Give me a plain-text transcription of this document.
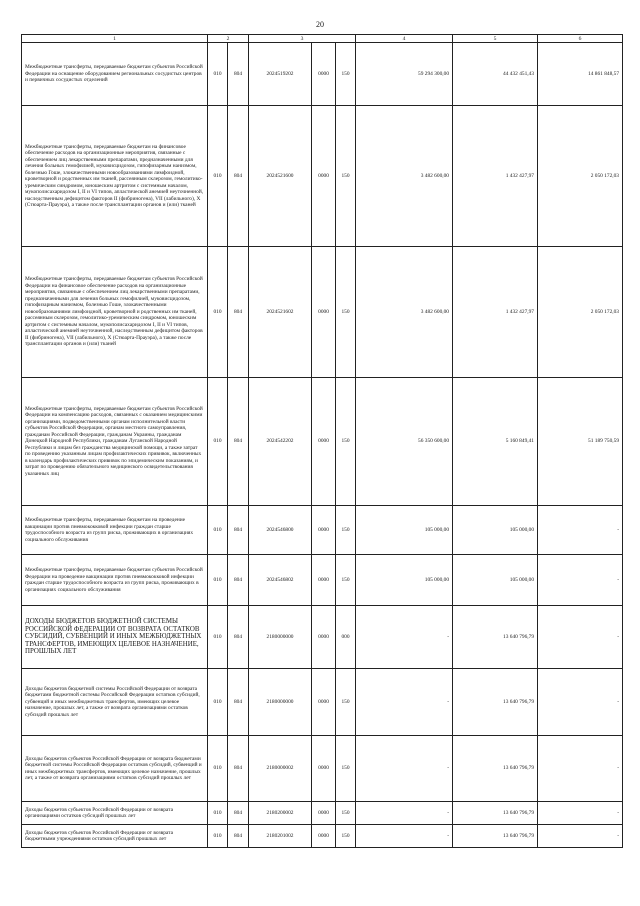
20
1	2		3			4	5	6
Межбюджетные трансферты, передаваемые бюджетам субъектов Российской Федерации на оснащение оборудованием региональных сосудистых центров и первичных сосудистых отделений	010	804	2024519202	0000	150	59 294 300,00	44 432 451,43	14 861 848,57
Межбюджетные трансферты, передаваемые бюджетам на финансовое обеспечение расходов на организационные мероприятия, связанные с обеспечением лиц лекарственными препаратами, предназначенными для лечения больных гемофилией, муковисцидозом, гипофизарным нанизмом, болезнью Гоше, злокачественными новообразованиями лимфоидной, кроветворной и родственных им тканей, рассеянным склерозом, гемолитико-уремическим синдромом, юношеским артритом с системным началом, мукополисахаридозом I, II и VI типов, апластической анемией неуточненной, наследственным дефицитом факторов II (фибриногена), VII (лабильного), X (Стюарта-Прауэра), а также после трансплантации органов и (или) тканей	010	804	2024521600	0000	150	3 482 600,00	1 432 427,97	2 050 172,03
Межбюджетные трансферты, передаваемые бюджетам субъектов Российской Федерации на финансовое обеспечение расходов на организационные мероприятия, связанные с обеспечением лиц лекарственными препаратами, предназначенными для лечения больных гемофилией, муковисцидозом, гипофизарным нанизмом, болезнью Гоше, злокачественными новообразованиями лимфоидной, кроветворной и родственных им тканей, рассеянным склерозом, гемолитико-уремическим синдромом, юношеским артритом с системным началом, мукополисахаридозом I, II и VI типов, апластической анемией неуточненной, наследственным дефицитом факторов II (фибриногена), VII (лабильного), X (Стюарта-Прауэра), а также после трансплантации органов и (или) тканей	010	804	2024521602	0000	150	3 482 600,00	1 432 427,97	2 050 172,03
Межбюджетные трансферты, передаваемые бюджетам субъектов Российской Федерации на компенсацию расходов, связанных с оказанием медицинскими организациями, подведомственными органам исполнительной власти субъектов Российской Федерации, органам местного самоуправления, гражданам Российской Федерации, гражданам Украины, гражданам Донецкой Народной Республики, гражданам Луганской Народной Республики и лицам без гражданства медицинской помощи, а также затрат по проведению указанным лицам профилактических прививок, включенных в календарь профилактических прививок по эпидемическим показаниям, и затрат по проведению обязательного медицинского освидетельствования указанных лиц	010	804	2024542202	0000	150	56 350 600,00	5 160 849,41	51 189 750,59
Межбюджетные трансферты, передаваемые бюджетам на проведение вакцинации против пневмококковой инфекции граждан старше трудоспособного возраста из групп риска, проживающих в организациях социального обслуживания	010	804	2024546800	0000	150	105 000,00	105 000,00	-
Межбюджетные трансферты, передаваемые бюджетам субъектов Российской Федерации на проведение вакцинации против пневмококковой инфекции граждан старше трудоспособного возраста из групп риска, проживающих в организациях социального обслуживания	010	804	2024546802	0000	150	105 000,00	105 000,00	-
ДОХОДЫ БЮДЖЕТОВ БЮДЖЕТНОЙ СИСТЕМЫ РОССИЙСКОЙ ФЕДЕРАЦИИ ОТ ВОЗВРАТА ОСТАТКОВ СУБСИДИЙ, СУБВЕНЦИЙ И ИНЫХ МЕЖБЮДЖЕТНЫХ ТРАНСФЕРТОВ, ИМЕЮЩИХ ЦЕЛЕВОЕ НАЗНАЧЕНИЕ, ПРОШЛЫХ ЛЕТ	010	804	2180000000	0000	000	-	13 640 796,79	-
Доходы бюджетов бюджетной системы Российской Федерации от возврата бюджетами бюджетной системы Российской Федерации остатков субсидий, субвенций и иных межбюджетных трансфертов, имеющих целевое назначение, прошлых лет, а также от возврата организациями остатков субсидий прошлых лет	010	804	2180000000	0000	150	-	13 640 796,79	-
Доходы бюджетов субъектов Российской Федерации от возврата бюджетами бюджетной системы Российской Федерации остатков субсидий, субвенций и иных межбюджетных трансфертов, имеющих целевое назначение, прошлых лет, а также от возврата организациями остатков субсидий прошлых лет	010	804	2180000002	0000	150	-	13 640 796,79	-
Доходы бюджетов субъектов Российской Федерации от возврата организациями остатков субсидий прошлых лет	010	804	2180200002	0000	150	-	13 640 796,79	-
Доходы бюджетов субъектов Российской Федерации от возврата бюджетными учреждениями остатков субсидий прошлых лет	010	804	2180201002	0000	150	-	13 640 796,79	-
